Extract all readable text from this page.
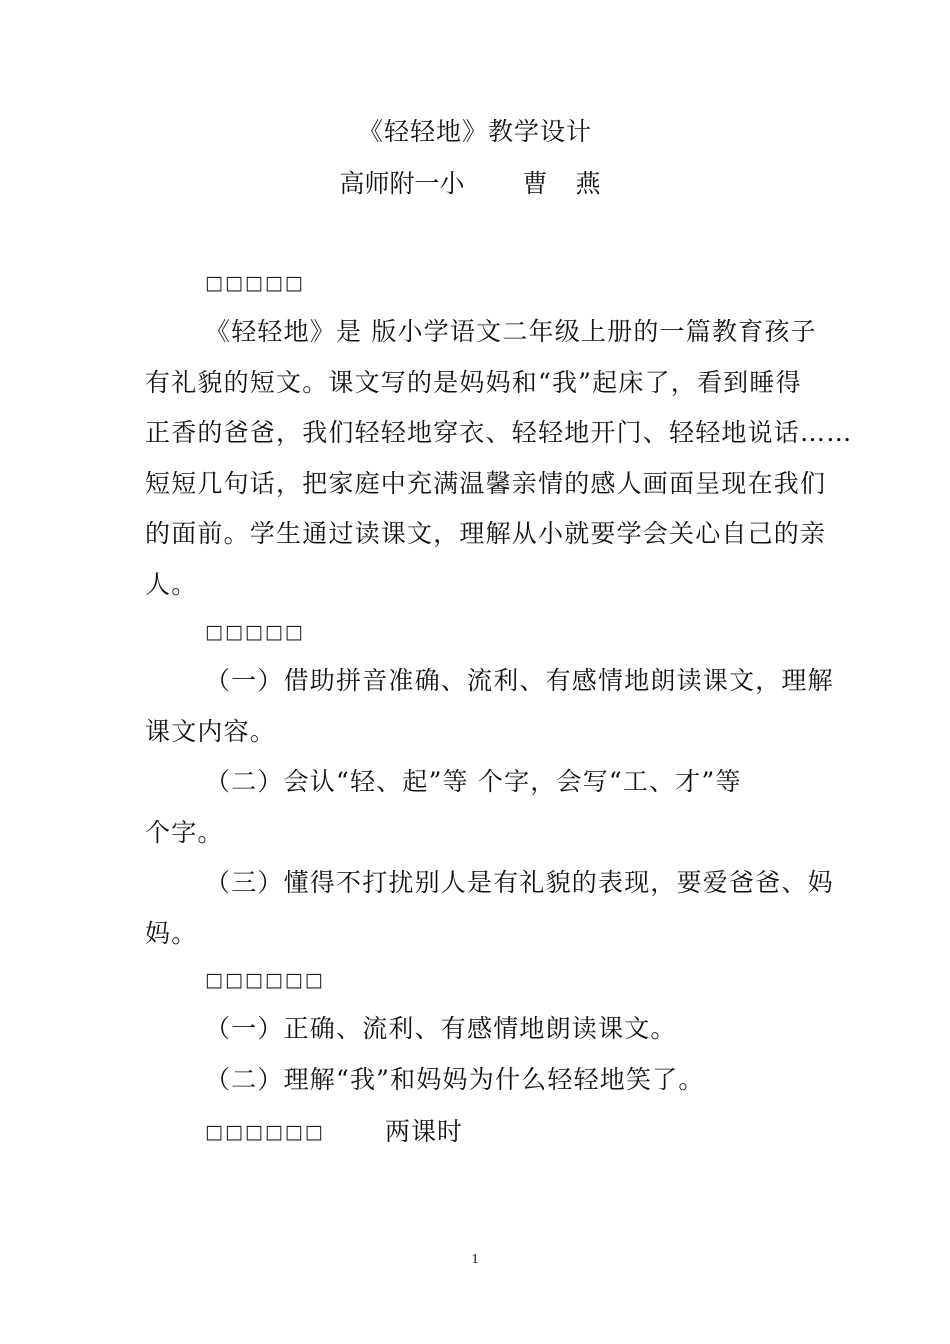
《轻轻地》教学设计
高师附一小 曹 燕
□□□□□
《轻轻地》是 版小学语文二年级上册的一篇教育孩子
有礼貌的短文。课文写的是妈妈和“我”起床了，看到睡得
正香的爸爸，我们轻轻地穿衣、轻轻地开门、轻轻地说话……
短短几句话，把家庭中充满温馨亲情的感人画面呈现在我们
的面前。学生通过读课文，理解从小就要学会关心自己的亲
人。
□□□□□
（一）借助拼音准确、流利、有感情地朗读课文，理解
课文内容。
（二）会认“轻、起”等 个字，会写“工、才”等
个字。
（三）懂得不打扰别人是有礼貌的表现，要爱爸爸、妈
妈。
□□□□□□
（一）正确、流利、有感情地朗读课文。
（二）理解“我”和妈妈为什么轻轻地笑了。
□□□□□□ 两课时
1
